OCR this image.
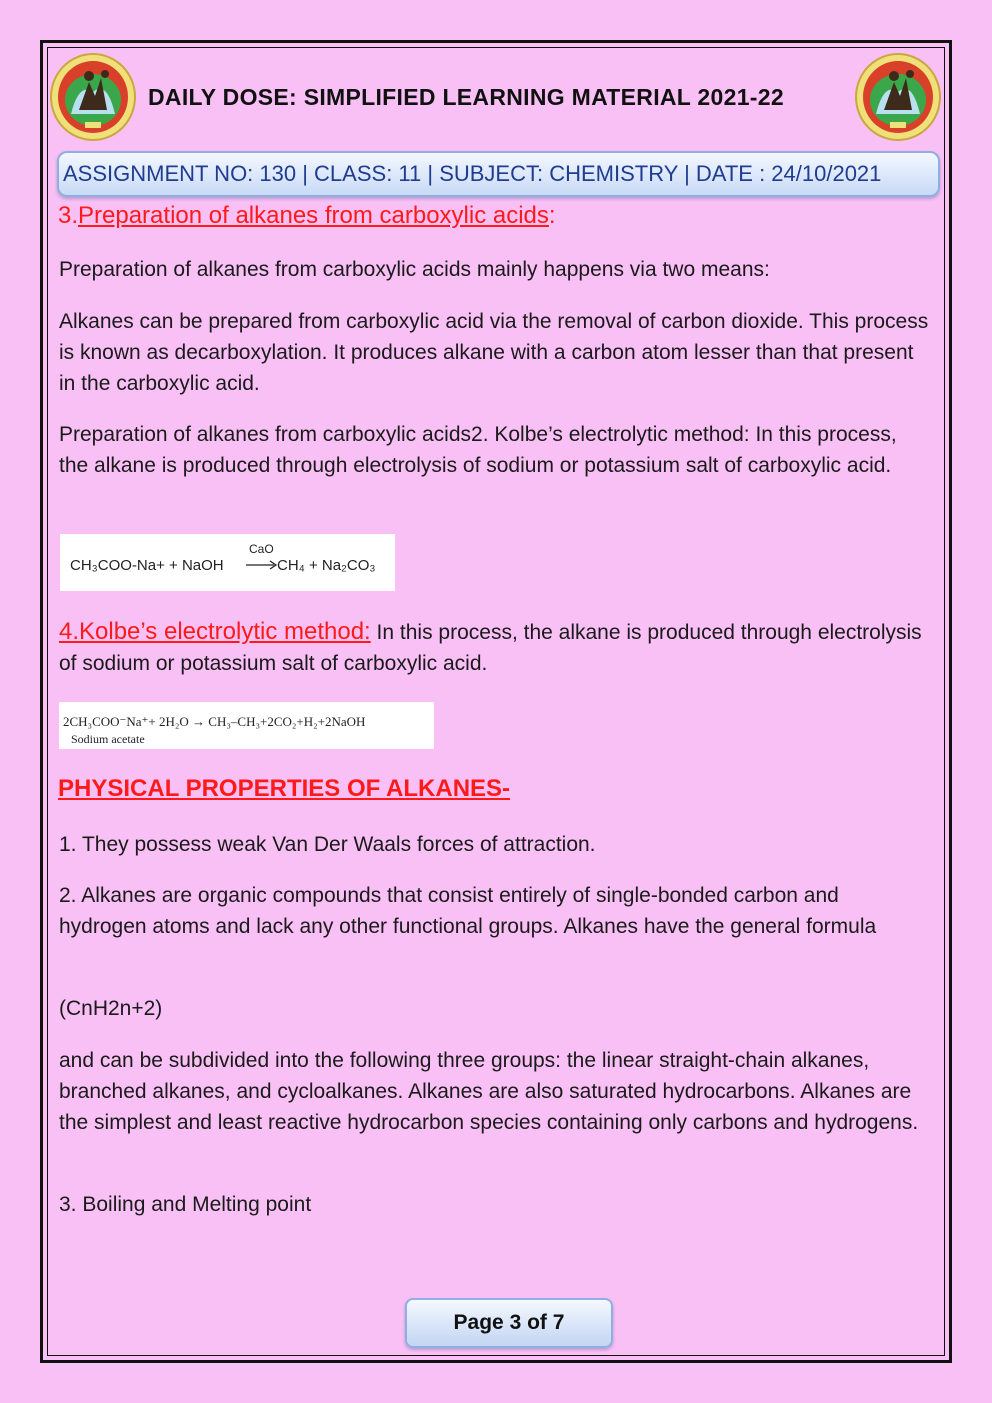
DAILY DOSE: SIMPLIFIED LEARNING MATERIAL 2021-22
ASSIGNMENT NO: 130 | CLASS: 11 | SUBJECT: CHEMISTRY | DATE : 24/10/2021
3.Preparation of alkanes from carboxylic acids:
Preparation of alkanes from carboxylic acids mainly happens via two means:
Alkanes can be prepared from carboxylic acid via the removal of carbon dioxide. This process is known as decarboxylation. It produces alkane with a carbon atom lesser than that present in the carboxylic acid.
Preparation of alkanes from carboxylic acids2. Kolbe’s electrolytic method: In this process, the alkane is produced through electrolysis of sodium or potassium salt of carboxylic acid.
CH₃COO-Na+ + NaOH
CaO
→ CH₄ + Na₂CO₃
4.Kolbe’s electrolytic method: In this process, the alkane is produced through electrolysis of sodium or potassium salt of carboxylic acid.
2CH₃COO⁻Na⁺+ 2H₂O → CH₃–CH₃+2CO₂+H₂+2NaOH
Sodium acetate
PHYSICAL PROPERTIES OF ALKANES-
1. They possess weak Van Der Waals forces of attraction.
2. Alkanes are organic compounds that consist entirely of single-bonded carbon and hydrogen atoms and lack any other functional groups. Alkanes have the general formula
(CnH2n+2)
and can be subdivided into the following three groups: the linear straight-chain alkanes, branched alkanes, and cycloalkanes. Alkanes are also saturated hydrocarbons. Alkanes are the simplest and least reactive hydrocarbon species containing only carbons and hydrogens.
3. Boiling and Melting point
Page 3 of 7
